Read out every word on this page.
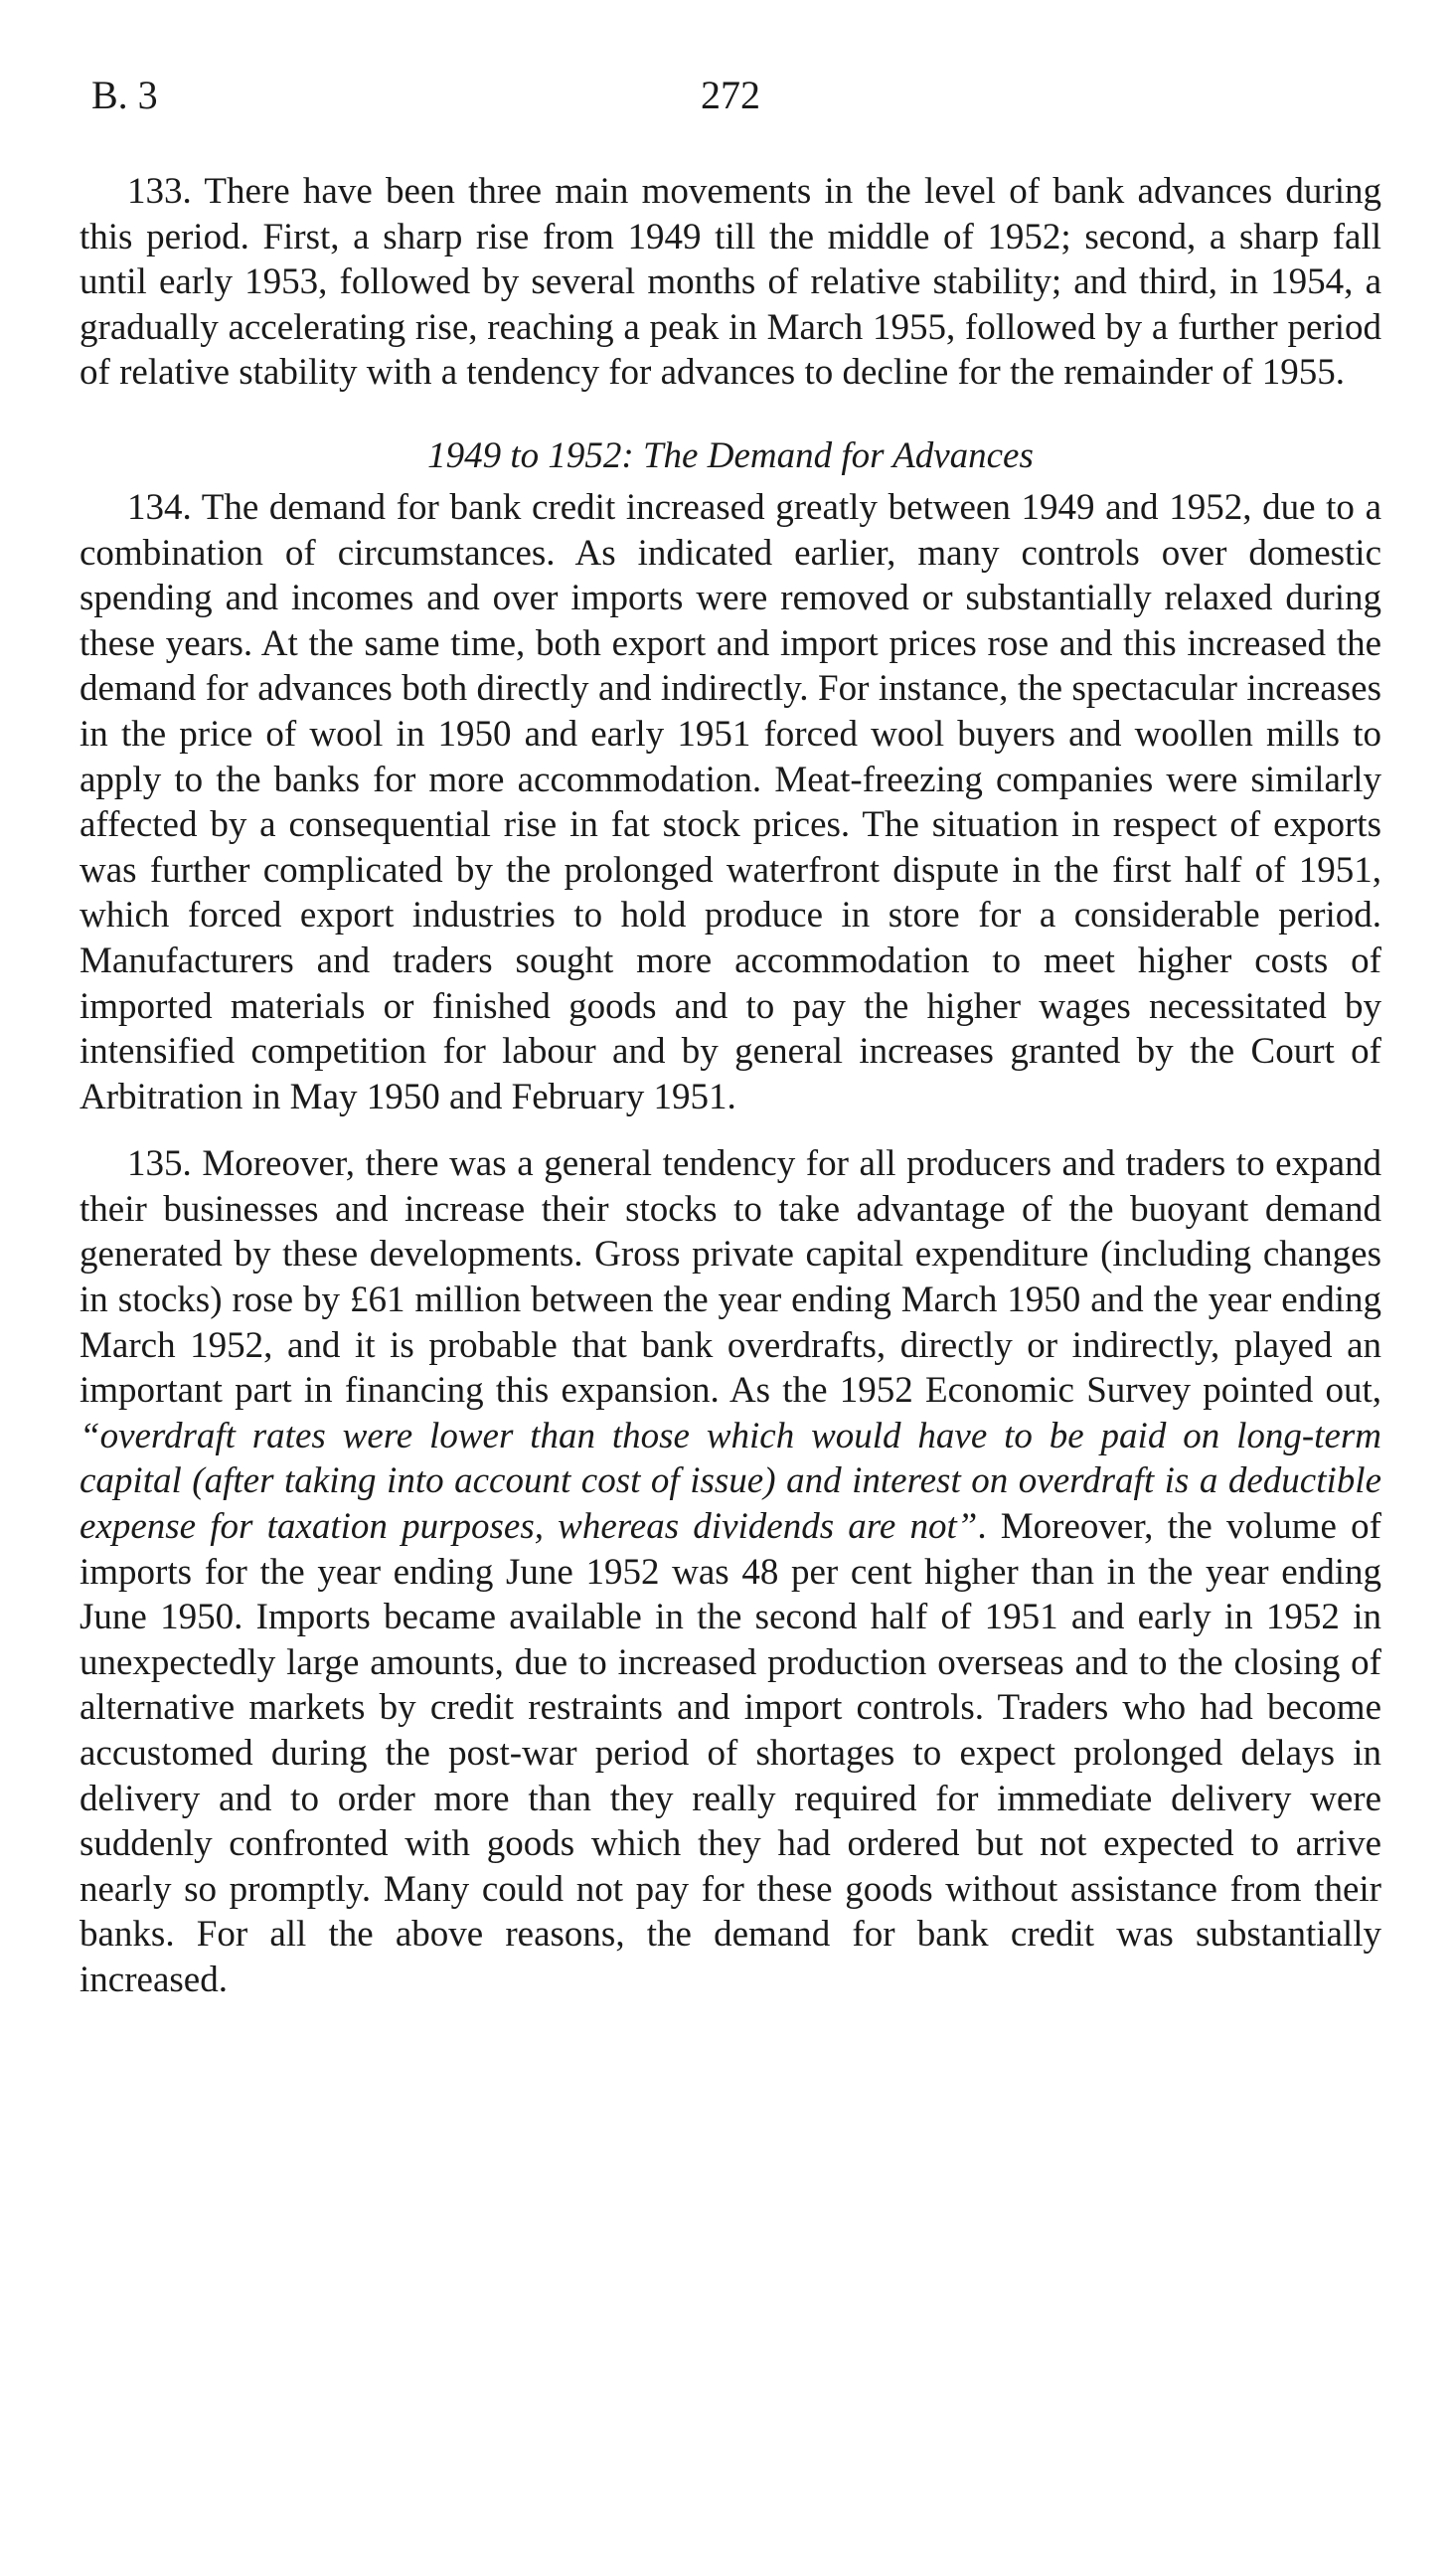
B. 3	272

133. There have been three main movements in the level of bank advances during this period. First, a sharp rise from 1949 till the middle of 1952; second, a sharp fall until early 1953, followed by several months of relative stability; and third, in 1954, a gradually accelerating rise, reaching a peak in March 1955, followed by a further period of relative stability with a tendency for advances to decline for the remainder of 1955.

1949 to 1952: The Demand for Advances

134. The demand for bank credit increased greatly between 1949 and 1952, due to a combination of circumstances. As indicated earlier, many controls over domestic spending and incomes and over imports were removed or substantially relaxed during these years. At the same time, both export and import prices rose and this increased the demand for advances both directly and indirectly. For instance, the spectacular increases in the price of wool in 1950 and early 1951 forced wool buyers and woollen mills to apply to the banks for more accommodation. Meat-freezing companies were similarly affected by a consequential rise in fat stock prices. The situation in respect of exports was further complicated by the prolonged waterfront dispute in the first half of 1951, which forced export industries to hold produce in store for a considerable period. Manufacturers and traders sought more accommodation to meet higher costs of imported materials or finished goods and to pay the higher wages necessitated by intensified competition for labour and by general increases granted by the Court of Arbitration in May 1950 and February 1951.

135. Moreover, there was a general tendency for all producers and traders to expand their businesses and increase their stocks to take advantage of the buoyant demand generated by these developments. Gross private capital expenditure (including changes in stocks) rose by £61 million between the year ending March 1950 and the year ending March 1952, and it is probable that bank overdrafts, directly or indirectly, played an important part in financing this expansion. As the 1952 Economic Survey pointed out, “overdraft rates were lower than those which would have to be paid on long-term capital (after taking into account cost of issue) and interest on overdraft is a deductible expense for taxation purposes, whereas dividends are not”. Moreover, the volume of imports for the year ending June 1952 was 48 per cent higher than in the year ending June 1950. Imports became available in the second half of 1951 and early in 1952 in unexpectedly large amounts, due to increased production overseas and to the closing of alternative markets by credit restraints and import controls. Traders who had become accustomed during the post-war period of shortages to expect prolonged delays in delivery and to order more than they really required for immediate delivery were suddenly confronted with goods which they had ordered but not expected to arrive nearly so promptly. Many could not pay for these goods without assistance from their banks. For all the above reasons, the demand for bank credit was substantially increased.
